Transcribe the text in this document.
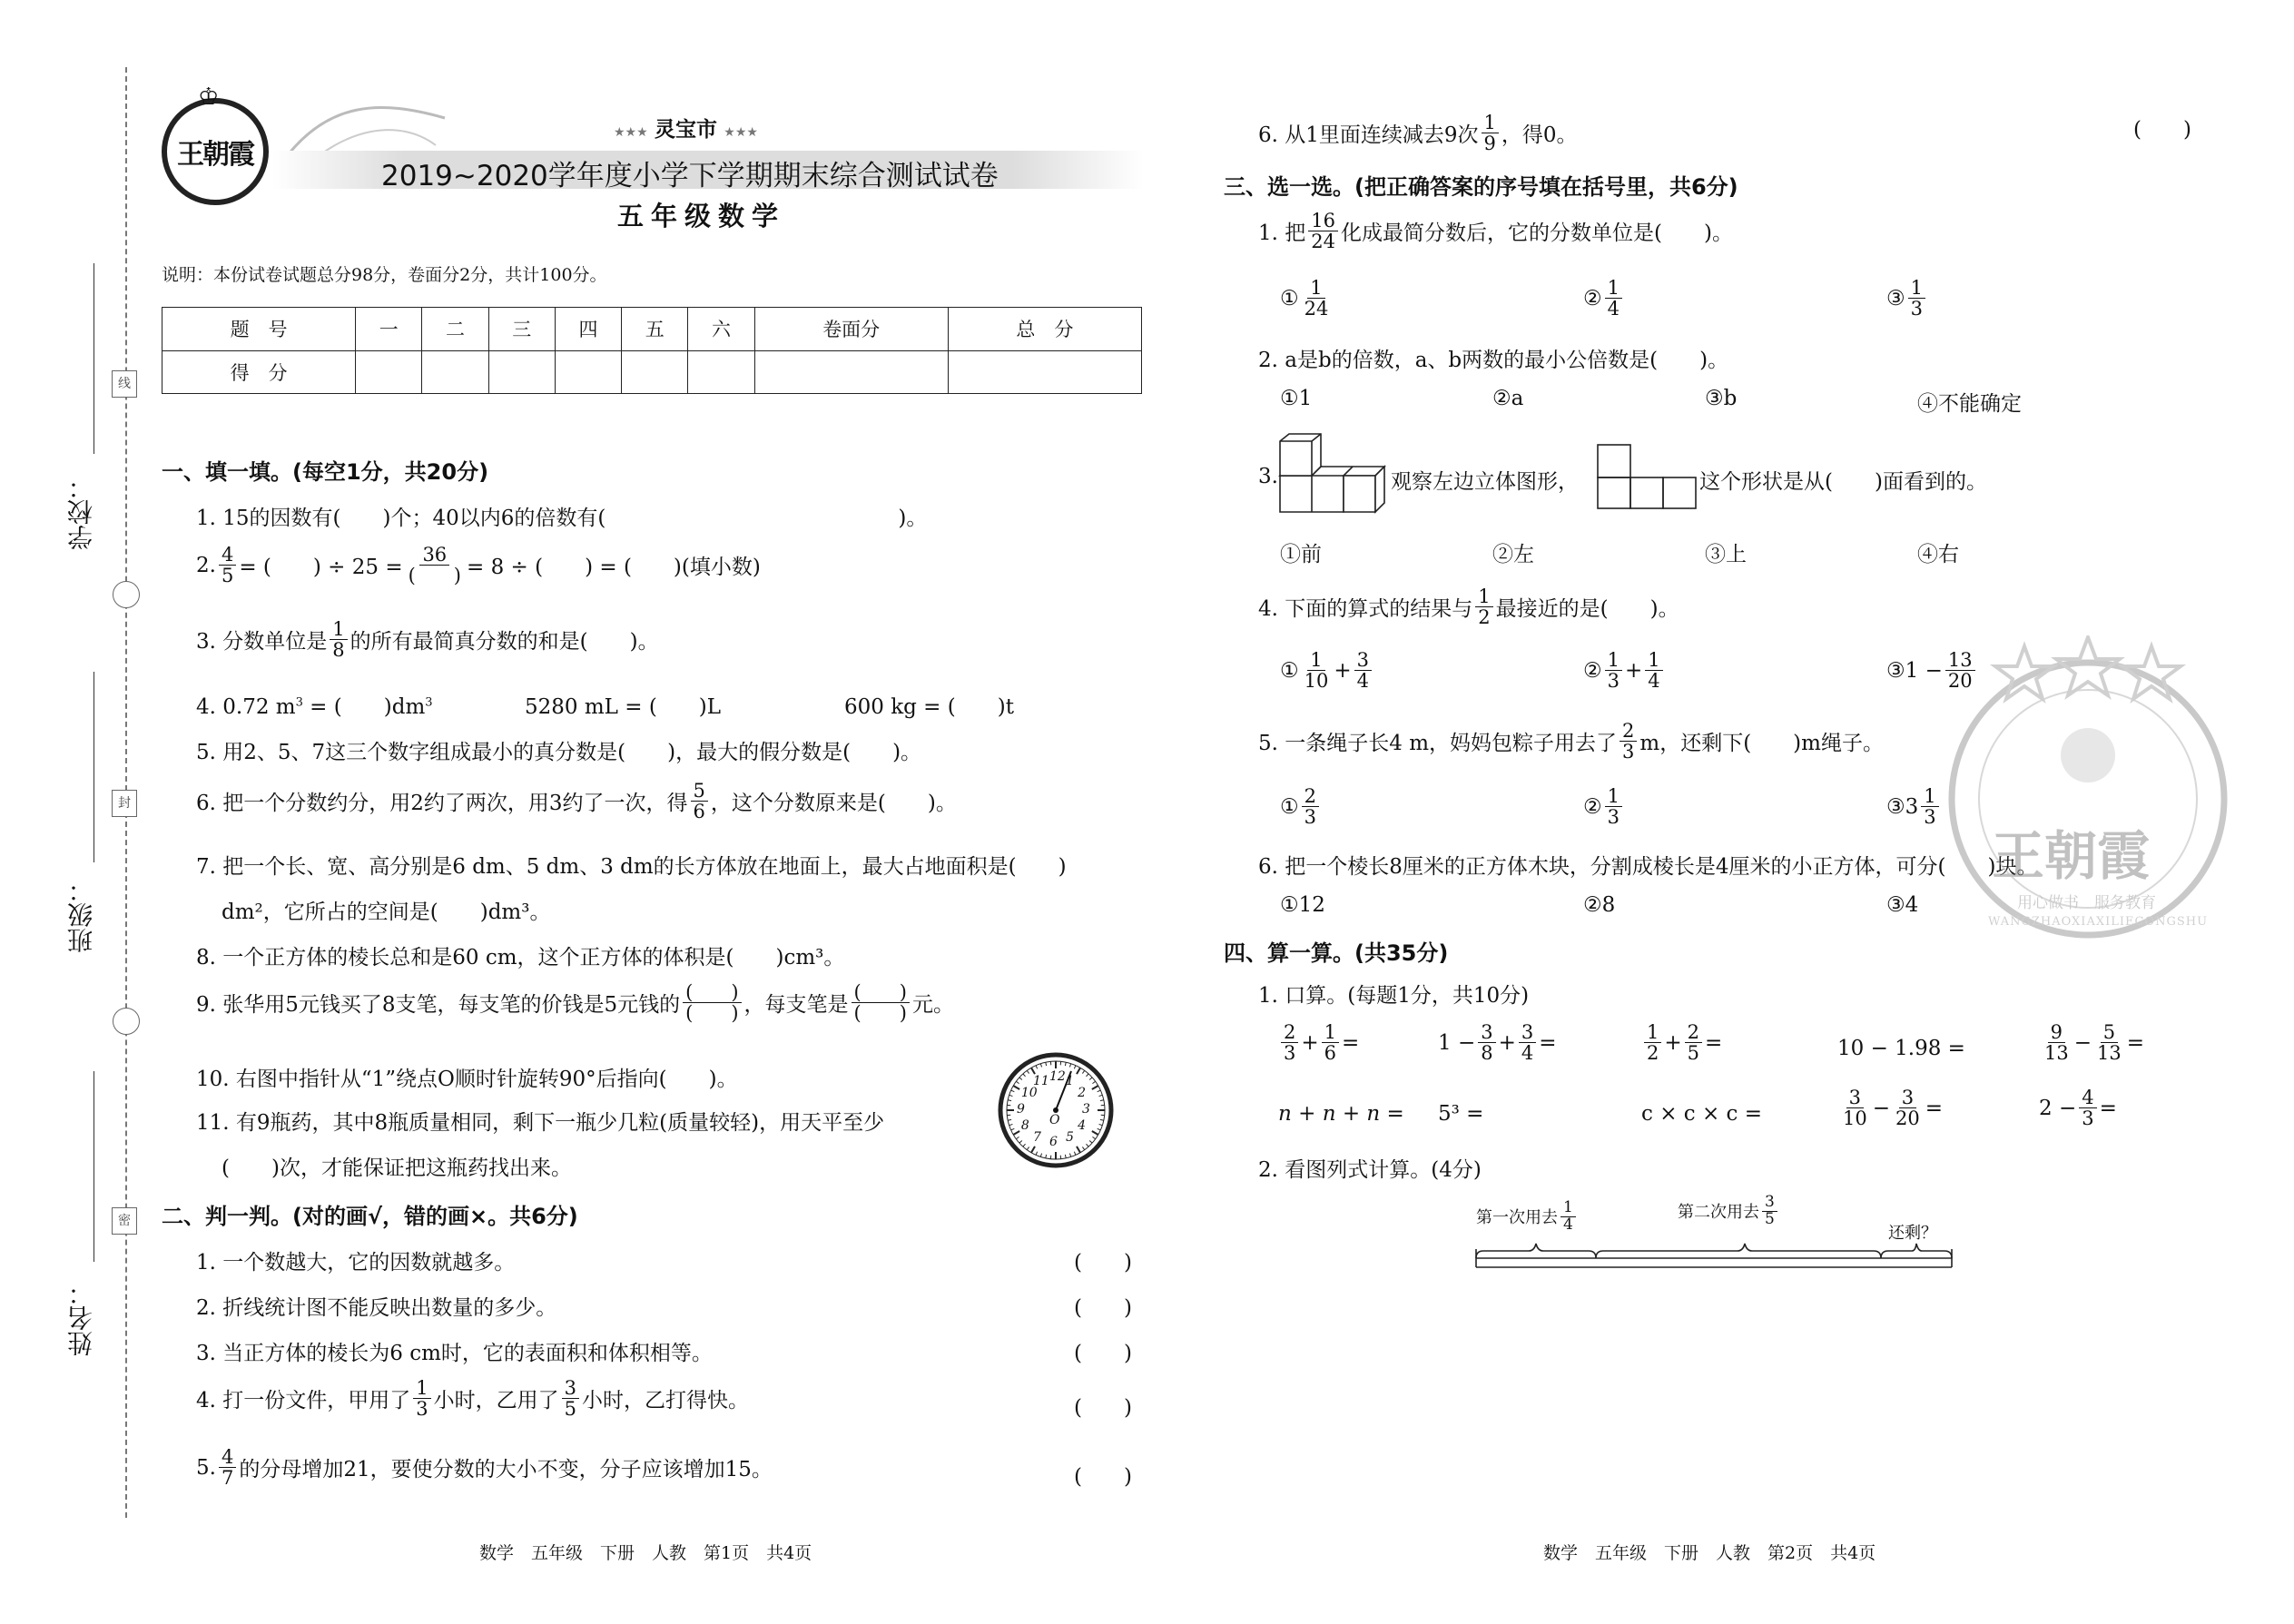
线
封
密
学校：
班级：
姓名：
♔
王朝霞
★★★ 灵宝市 ★★★
2019~2020学年度小学下学期期末综合测试试卷
五年级数学
说明：本份试卷试题总分98分，卷面分2分，共计100分。
题　号	一	二	三	四	五	六	卷面分	总　分
得　分								
一、填一填。(每空1分，共20分)
1. 15的因数有(　　)个；40以内6的倍数有(　　　　　　　　　　　　　　)。
2. $\frac{4}{5}$ = (　　) ÷ $25 = \frac{36}{( )} = 8$ ÷ (　　) = (　　)(填小数)
3. 分数单位是 $\frac{1}{8}$ 的所有最简真分数的和是(　　)。
4. 0.72 $m^3$ = (　　)$dm^3$	5280 mL = (　　)L	600 kg = (　　)t
5. 用2、5、7这三个数字组成最小的真分数是(　　)，最大的假分数是(　　)。
6. 把一个分数约分，用2约了两次，用3约了一次，得 $\frac{5}{6}$ ，这个分数原来是(　　)。
7. 把一个长、宽、高分别是6 dm、5 dm、3 dm的长方体放在地面上，最大占地面积是(　　)
dm²，它所占的空间是(　　)dm³。
8. 一个正方体的棱长总和是60 cm，这个正方体的体积是(　　)cm³。
9. 张华用5元钱买了8支笔，每支笔的价钱是5元钱的 $\frac{( )}{( )}$ ，每支笔是 $\frac{( )}{( )}$ 元。
10. 右图中指针从“1”绕点O顺时针旋转90°后指向(　　)。
11. 有9瓶药，其中8瓶质量相同，剩下一瓶少几粒(质量较轻)，用天平至少
(　　)次，才能保证把这瓶药找出来。
12 1
2
3
4
5
6
7
8
9
10
11
O
二、判一判。(对的画√，错的画×。共6分)
1. 一个数越大，它的因数就越多。	(　　)
2. 折线统计图不能反映出数量的多少。	(　　)
3. 当正方体的棱长为6 cm时，它的表面积和体积相等。	(　　)
4. 打一份文件，甲用了 $\frac{1}{3}$ 小时，乙用了 $\frac{3}{5}$ 小时，乙打得快。	(　　)
5. $\frac{4}{7}$ 的分母增加21，要使分数的大小不变，分子应该增加15。	(　　)
数学　五年级　下册　人教　第1页　共4页
6. 从1里面连续减去9次 $\frac{1}{9}$ ，得0。	(　　)
三、选一选。(把正确答案的序号填在括号里，共6分)
1. 把 $\frac{16}{24}$ 化成最简分数后，它的分数单位是(　　)。
① $\frac{1}{24}$	② $\frac{1}{4}$	③ $\frac{1}{3}$
2. a是b的倍数，a、b两数的最小公倍数是(　　)。
①1	②a	③b	④不能确定
3.	观察左边立体图形，	这个形状是从(　　)面看到的。
①前	②左	③上	④右
4. 下面的算式的结果与 $\frac{1}{2}$ 最接近的是(　　)。
① $\frac{1}{10} + \frac{3}{4}$	② $\frac{1}{3} + \frac{1}{4}$	③1 − $\frac{13}{20}$
5. 一条绳子长4 m，妈妈包粽子用去了 $\frac{2}{3}$ m，还剩下(　　)m绳子。
① $\frac{2}{3}$	② $\frac{1}{3}$	③3 $\frac{1}{3}$
6. 把一个棱长8厘米的正方体木块，分割成棱长是4厘米的小正方体，可分(　　)块。
①12	②8	③4
四、算一算。(共35分)
1. 口算。(每题1分，共10分)
$\frac{2}{3} + \frac{1}{6}$ =	$1 - \frac{3}{8} + \frac{3}{4}$ =	$\frac{1}{2} + \frac{2}{5}$ =	10 − 1.98 =	$\frac{9}{13} - \frac{5}{13}$ =
n + n + n = 5³ =	c × c × c =	$\frac{3}{10} - \frac{3}{20}$ =	$2 - \frac{4}{3}$ =
2. 看图列式计算。(4分)
第一次用去 $\frac{1}{4}$	第二次用去 $\frac{3}{5}$
还剩？
数学　五年级　下册　人教　第2页　共4页
王朝霞
用心做书　服务教育
WANGZHAOXIAXILIECONGSHU
